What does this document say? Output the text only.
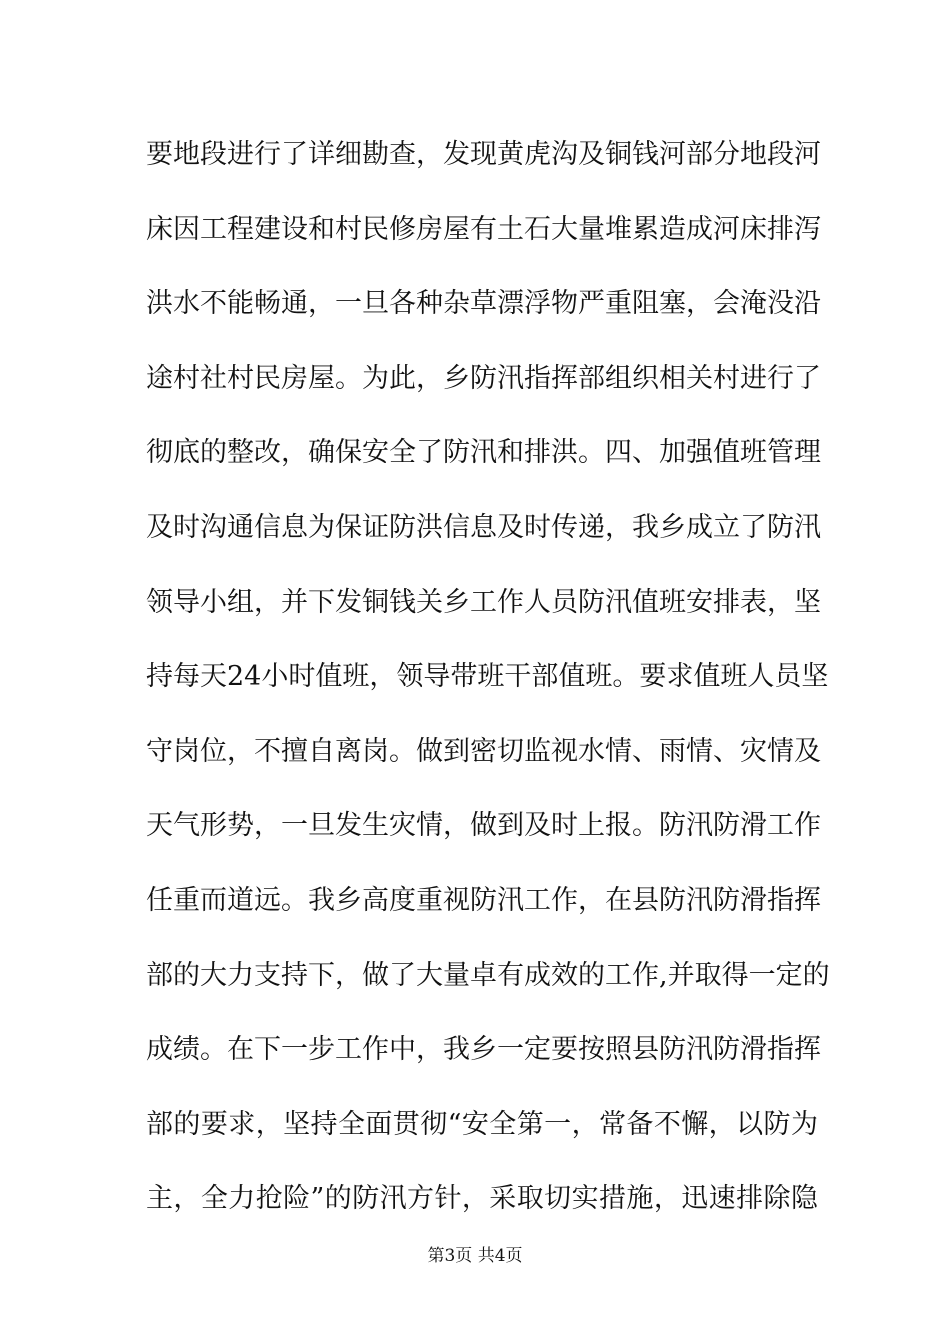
要 地 段 进 行 了 详 细 勘 查 ， 发 现 黄 虎 沟 及 铜 钱 河 部 分 地 段 河
床 因 工 程 建 设 和 村 民 修 房 屋 有 土 石 大 量 堆 累 造 成 河 床 排 泻
洪 水 不 能 畅 通 ， 一 旦 各 种 杂 草 漂 浮 物 严 重 阻 塞 ， 会 淹 没 沿
途 村 社 村 民 房 屋 。 为 此 ， 乡 防 汛 指 挥 部 组 织 相 关 村 进 行 了
彻 底 的 整 改 ， 确 保 安 全 了 防 汛 和 排 洪 。 四 、 加 强 值 班 管 理
及 时 沟 通 信 息 为 保 证 防 洪 信 息 及 时 传 递 ， 我 乡 成 立 了 防 汛
领 导 小 组 ， 并 下 发 铜 钱 关 乡 工 作 人 员 防 汛 值 班 安 排 表 ， 坚
持 每 天 24 小 时 值 班 ， 领 导 带 班 干 部 值 班 。 要 求 值 班 人 员 坚
守 岗 位 ， 不 擅 自 离 岗 。 做 到 密 切 监 视 水 情 、 雨 情 、 灾 情 及
天 气 形 势 ， 一 旦 发 生 灾 情 ， 做 到 及 时 上 报 。 防 汛 防 滑 工 作
任 重 而 道 远 。 我 乡 高 度 重 视 防 汛 工 作 ， 在 县 防 汛 防 滑 指 挥
部 的 大 力 支 持 下 ， 做 了 大 量 卓 有 成 效 的 工 作 , 并 取 得 一 定 的
成 绩 。 在 下 一 步 工 作 中 ， 我 乡 一 定 要 按 照 县 防 汛 防 滑 指 挥
部 的 要 求 ， 坚 持 全 面 贯 彻 “ 安 全 第 一 ， 常 备 不 懈 ， 以 防 为
主 ， 全 力 抢 险 ” 的 防 汛 方 针 ， 采 取 切 实 措 施 ， 迅 速 排 除 隐
第3页 共4页
